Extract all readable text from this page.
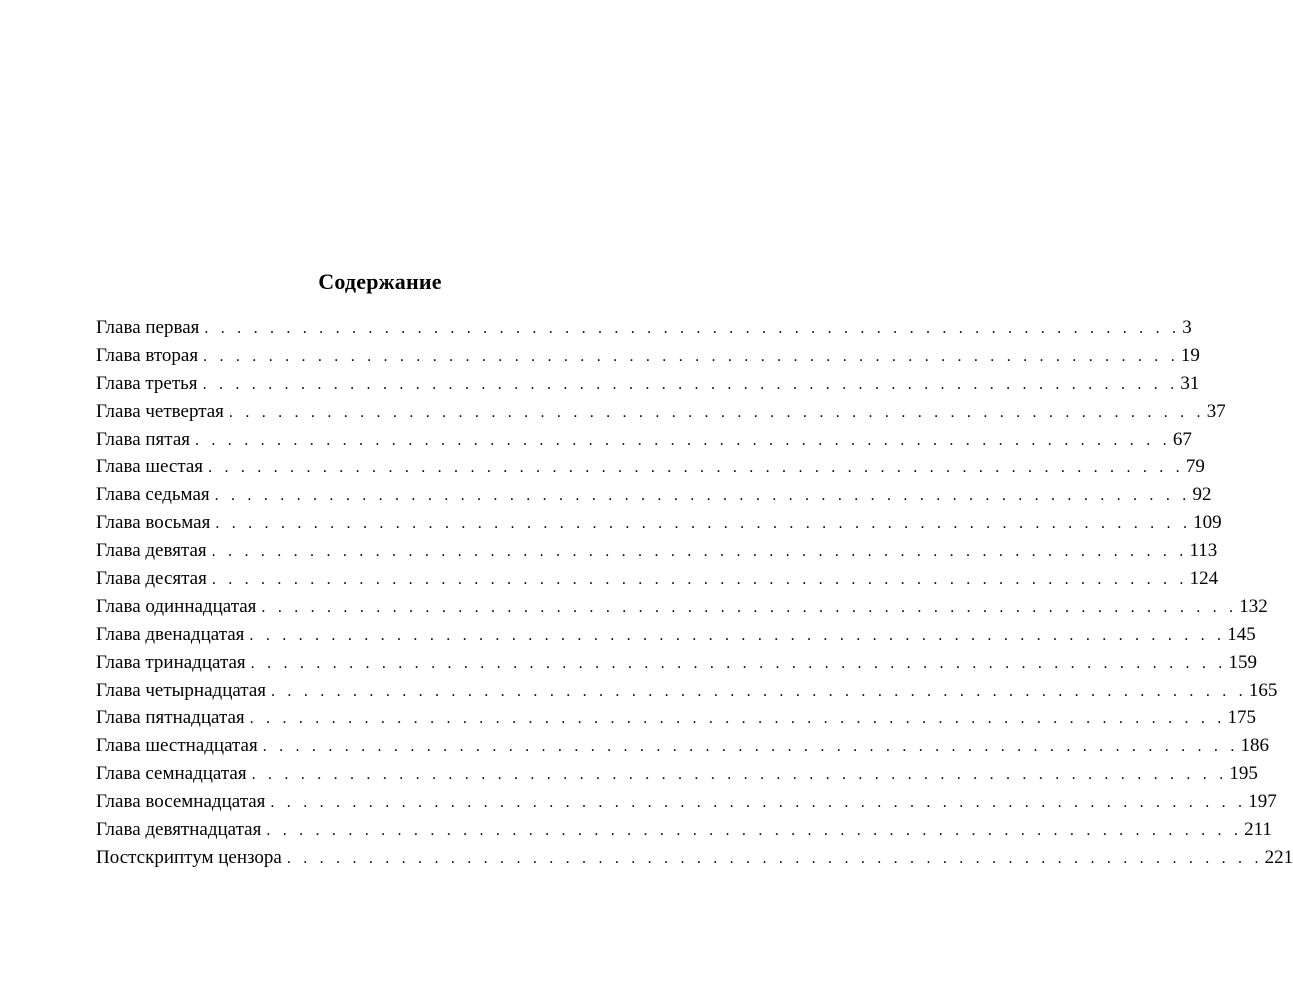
Содержание
Глава первая . . . . . . . . . . . . . . . . . . . . . . . . . . . . . . . . . . . . . . . . . . . . . . . . . . . . . . . . . . . . 3
Глава вторая . . . . . . . . . . . . . . . . . . . . . . . . . . . . . . . . . . . . . . . . . . . . . . . . . . . . . . . . . . . . 19
Глава третья . . . . . . . . . . . . . . . . . . . . . . . . . . . . . . . . . . . . . . . . . . . . . . . . . . . . . . . . . . . . 31
Глава четвертая . . . . . . . . . . . . . . . . . . . . . . . . . . . . . . . . . . . . . . . . . . . . . . . . . . . . . . . . . . . . 37
Глава пятая . . . . . . . . . . . . . . . . . . . . . . . . . . . . . . . . . . . . . . . . . . . . . . . . . . . . . . . . . . . . 67
Глава шестая . . . . . . . . . . . . . . . . . . . . . . . . . . . . . . . . . . . . . . . . . . . . . . . . . . . . . . . . . . . . 79
Глава седьмая . . . . . . . . . . . . . . . . . . . . . . . . . . . . . . . . . . . . . . . . . . . . . . . . . . . . . . . . . . . . 92
Глава восьмая . . . . . . . . . . . . . . . . . . . . . . . . . . . . . . . . . . . . . . . . . . . . . . . . . . . . . . . . . . . . 109
Глава девятая . . . . . . . . . . . . . . . . . . . . . . . . . . . . . . . . . . . . . . . . . . . . . . . . . . . . . . . . . . . . 113
Глава десятая . . . . . . . . . . . . . . . . . . . . . . . . . . . . . . . . . . . . . . . . . . . . . . . . . . . . . . . . . . . . 124
Глава одиннадцатая . . . . . . . . . . . . . . . . . . . . . . . . . . . . . . . . . . . . . . . . . . . . . . . . . . . . . . . . . . . . 132
Глава двенадцатая . . . . . . . . . . . . . . . . . . . . . . . . . . . . . . . . . . . . . . . . . . . . . . . . . . . . . . . . . . . . 145
Глава тринадцатая . . . . . . . . . . . . . . . . . . . . . . . . . . . . . . . . . . . . . . . . . . . . . . . . . . . . . . . . . . . . 159
Глава четырнадцатая . . . . . . . . . . . . . . . . . . . . . . . . . . . . . . . . . . . . . . . . . . . . . . . . . . . . . . . . . . . . 165
Глава пятнадцатая . . . . . . . . . . . . . . . . . . . . . . . . . . . . . . . . . . . . . . . . . . . . . . . . . . . . . . . . . . . . 175
Глава шестнадцатая . . . . . . . . . . . . . . . . . . . . . . . . . . . . . . . . . . . . . . . . . . . . . . . . . . . . . . . . . . . . 186
Глава семнадцатая . . . . . . . . . . . . . . . . . . . . . . . . . . . . . . . . . . . . . . . . . . . . . . . . . . . . . . . . . . . . 195
Глава восемнадцатая . . . . . . . . . . . . . . . . . . . . . . . . . . . . . . . . . . . . . . . . . . . . . . . . . . . . . . . . . . . . 197
Глава девятнадцатая . . . . . . . . . . . . . . . . . . . . . . . . . . . . . . . . . . . . . . . . . . . . . . . . . . . . . . . . . . . . 211
Постскриптум цензора . . . . . . . . . . . . . . . . . . . . . . . . . . . . . . . . . . . . . . . . . . . . . . . . . . . . . . . . . . . . 221
